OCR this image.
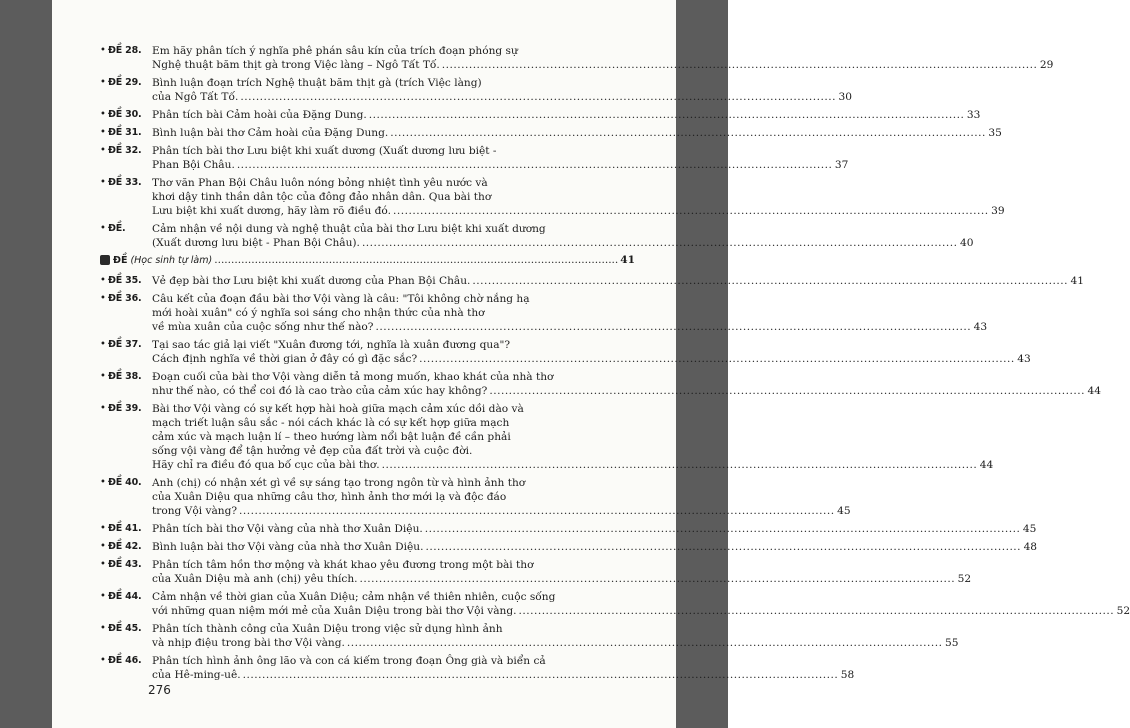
• ĐỀ 28.	Em hãy phân tích ý nghĩa phê phán sâu kín của trích đoạn phóng sự
Nghệ thuật băm thịt gà trong Việc làng – Ngô Tất Tố. .......................................................................................................................................................... 29
• ĐỀ 29.	Bình luận đoạn trích Nghệ thuật băm thịt gà (trích Việc làng)
của Ngô Tất Tố. .......................................................................................................................................................... 30
• ĐỀ 30.	Phân tích bài Cảm hoài của Đặng Dung. .......................................................................................................................................................... 33
• ĐỀ 31.	Bình luận bài thơ Cảm hoài của Đặng Dung. .......................................................................................................................................................... 35
• ĐỀ 32.	Phân tích bài thơ Lưu biệt khi xuất dương (Xuất dương lưu biệt -
Phan Bội Châu. .......................................................................................................................................................... 37
• ĐỀ 33.	Thơ văn Phan Bội Châu luôn nóng bỏng nhiệt tình yêu nước và
khơi dậy tinh thần dân tộc của đông đảo nhân dân. Qua bài thơ
Lưu biệt khi xuất dương, hãy làm rõ điều đó. .......................................................................................................................................................... 39
• ĐỀ.	Cảm nhận về nội dung và nghệ thuật của bài thơ Lưu biệt khi xuất dương
(Xuất dương lưu biệt - Phan Bội Châu). .......................................................................................................................................................... 40
ĐỀ (Học sinh tự làm) ........................................................................................................................ 41
• ĐỀ 35.	Vẻ đẹp bài thơ Lưu biệt khi xuất dương của Phan Bội Châu. .......................................................................................................................................................... 41
• ĐỀ 36.	Câu kết của đoạn đầu bài thơ Vội vàng là câu: "Tôi không chờ nắng hạ
mới hoài xuân" có ý nghĩa soi sáng cho nhận thức của nhà thơ
về mùa xuân của cuộc sống như thế nào? .......................................................................................................................................................... 43
• ĐỀ 37.	Tại sao tác giả lại viết "Xuân đương tới, nghĩa là xuân đương qua"?
Cách định nghĩa về thời gian ở đây có gì đặc sắc? .......................................................................................................................................................... 43
• ĐỀ 38.	Đoạn cuối của bài thơ Vội vàng diễn tả mong muốn, khao khát của nhà thơ
như thế nào, có thể coi đó là cao trào của cảm xúc hay không? .......................................................................................................................................................... 44
• ĐỀ 39.	Bài thơ Vội vàng có sự kết hợp hài hoà giữa mạch cảm xúc dồi dào và
mạch triết luận sâu sắc - nói cách khác là có sự kết hợp giữa mạch
cảm xúc và mạch luận lí – theo hướng làm nổi bật luận đề cần phải
sống vội vàng để tận hưởng vẻ đẹp của đất trời và cuộc đời.
Hãy chỉ ra điều đó qua bố cục của bài thơ. .......................................................................................................................................................... 44
• ĐỀ 40.	Anh (chị) có nhận xét gì về sự sáng tạo trong ngôn từ và hình ảnh thơ
của Xuân Diệu qua những câu thơ, hình ảnh thơ mới lạ và độc đáo
trong Vội vàng? .......................................................................................................................................................... 45
• ĐỀ 41.	Phân tích bài thơ Vội vàng của nhà thơ Xuân Diệu. .......................................................................................................................................................... 45
• ĐỀ 42.	Bình luận bài thơ Vội vàng của nhà thơ Xuân Diệu. .......................................................................................................................................................... 48
• ĐỀ 43.	Phân tích tâm hồn thơ mộng và khát khao yêu đương trong một bài thơ
của Xuân Diệu mà anh (chị) yêu thích. .......................................................................................................................................................... 52
• ĐỀ 44.	Cảm nhận về thời gian của Xuân Diệu; cảm nhận về thiên nhiên, cuộc sống
với những quan niệm mới mẻ của Xuân Diệu trong bài thơ Vội vàng. .......................................................................................................................................................... 52
• ĐỀ 45.	Phân tích thành công của Xuân Diệu trong việc sử dụng hình ảnh
và nhịp điệu trong bài thơ Vội vàng. .......................................................................................................................................................... 55
• ĐỀ 46.	Phân tích hình ảnh ông lão và con cá kiếm trong đoạn Ông già và biển cả
của Hê-ming-uê. .......................................................................................................................................................... 58
276
